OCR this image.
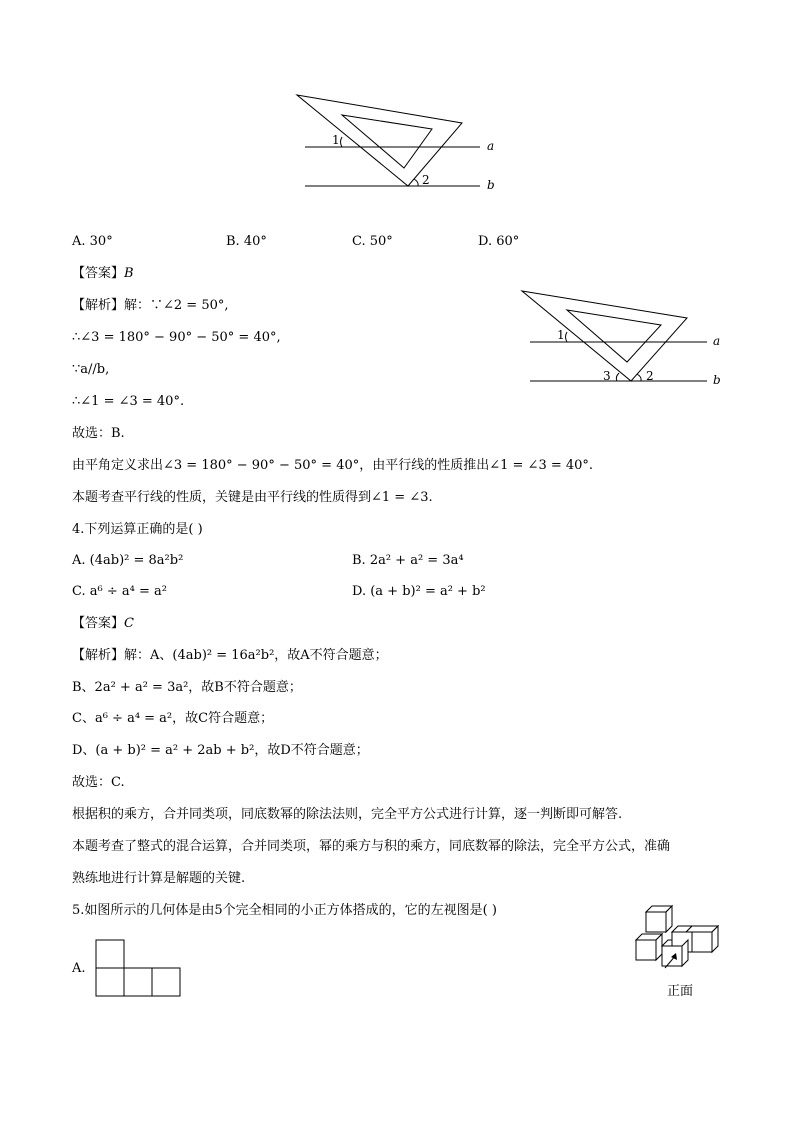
1
2
a
b
A. 30°	B. 40°	C. 50°	D. 60°
【答案】B
【解析】解：∵∠2 = 50°,
∴∠3 = 180° − 90° − 50° = 40°,
∵a//b,
∴∠1 = ∠3 = 40°.
故选：B.
由平角定义求出∠3 = 180° − 90° − 50° = 40°，由平行线的性质推出∠1 = ∠3 = 40°.
本题考查平行线的性质，关键是由平行线的性质得到∠1 = ∠3.
1
2
3
a
b
4.下列运算正确的是( )
A. (4ab)² = 8a²b²	B. 2a² + a² = 3a⁴
C. a⁶ ÷ a⁴ = a²	D. (a + b)² = a² + b²
【答案】C
【解析】解：A、(4ab)² = 16a²b²，故A不符合题意；
B、2a² + a² = 3a²，故B不符合题意；
C、a⁶ ÷ a⁴ = a²，故C符合题意；
D、(a + b)² = a² + 2ab + b²，故D不符合题意；
故选：C.
根据积的乘方，合并同类项，同底数幂的除法法则，完全平方公式进行计算，逐一判断即可解答.
本题考查了整式的混合运算，合并同类项，幂的乘方与积的乘方，同底数幂的除法，完全平方公式，准确
熟练地进行计算是解题的关键.
5.如图所示的几何体是由5个完全相同的小正方体搭成的，它的左视图是( )
A.
正面
